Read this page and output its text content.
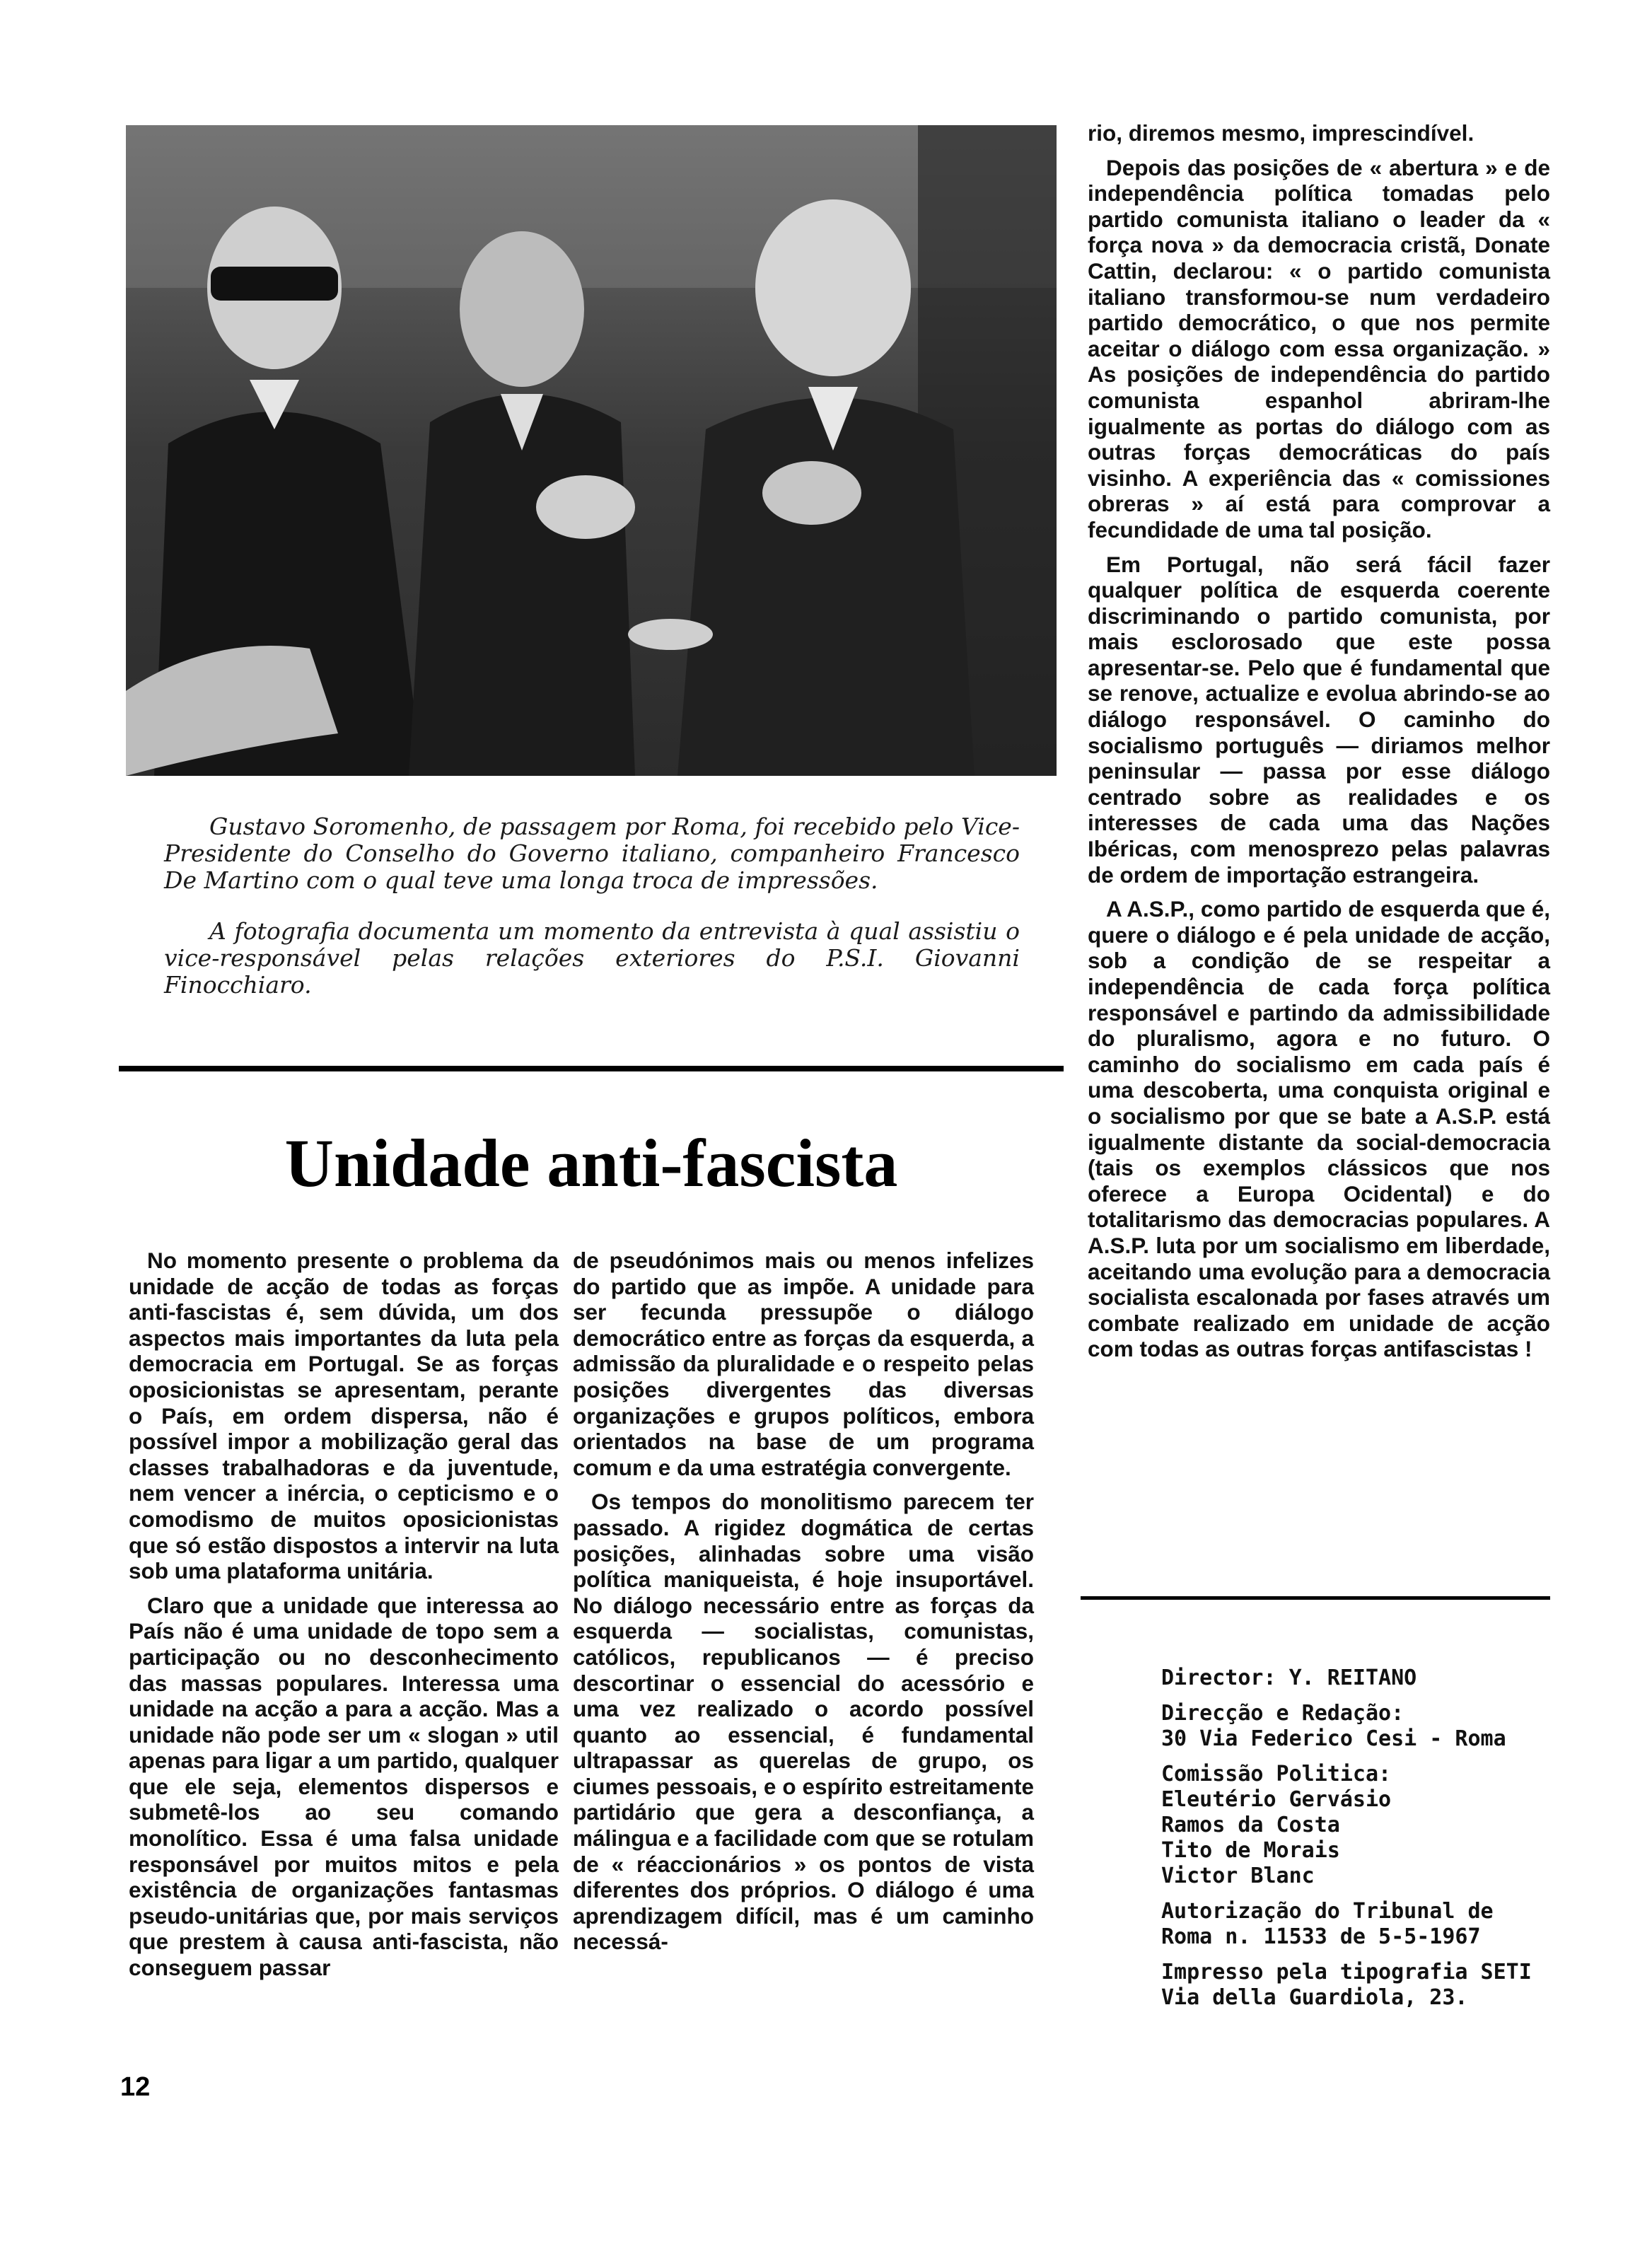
Gustavo Soromenho, de passagem por Roma, foi recebido pelo Vice-Presidente do Conselho do Governo italiano, companheiro Francesco De Martino com o qual teve uma longa troca de impressões.

A fotografia documenta um momento da entrevista à qual assistiu o vice-responsável pelas relações exteriores do P.S.I. Giovanni Finocchiaro.

Unidade anti-fascista

No momento presente o problema da unidade de acção de todas as forças anti-fascistas é, sem dúvida, um dos aspectos mais importantes da luta pela democracia em Portugal. Se as forças oposicionistas se apresentam, perante o País, em ordem dispersa, não é possível impor a mobilização geral das classes trabalhadoras e da juventude, nem vencer a inércia, o cepticismo e o comodismo de muitos oposicionistas que só estão dispostos a intervir na luta sob uma plataforma unitária.

Claro que a unidade que interessa ao País não é uma unidade de topo sem a participação ou no desconhecimento das massas populares. Interessa uma unidade na acção a para a acção. Mas a unidade não pode ser um « slogan » util apenas para ligar a um partido, qualquer que ele seja, elementos dispersos e submetê-los ao seu comando monolítico. Essa é uma falsa unidade responsável por muitos mitos e pela existência de organizações fantasmas pseudo-unitárias que, por mais serviços que prestem à causa anti-fascista, não conseguem passar

de pseudónimos mais ou menos infelizes do partido que as impõe. A unidade para ser fecunda pressupõe o diálogo democrático entre as forças da esquerda, a admissão da pluralidade e o respeito pelas posições divergentes das diversas organizações e grupos políticos, embora orientados na base de um programa comum e da uma estratégia convergente.

Os tempos do monolitismo parecem ter passado. A rigidez dogmática de certas posições, alinhadas sobre uma visão política maniqueista, é hoje insuportável. No diálogo necessário entre as forças da esquerda — socialistas, comunistas, católicos, republicanos — é preciso descortinar o essencial do acessório e uma vez realizado o acordo possível quanto ao essencial, é fundamental ultrapassar as querelas de grupo, os ciumes pessoais, e o espírito estreitamente partidário que gera a desconfiança, a málingua e a facilidade com que se rotulam de « réaccionários » os pontos de vista diferentes dos próprios. O diálogo é uma aprendizagem difícil, mas é um caminho necessá-

rio, diremos mesmo, imprescindível.

Depois das posições de « abertura » e de independência política tomadas pelo partido comunista italiano o leader da « força nova » da democracia cristã, Donate Cattin, declarou: « o partido comunista italiano transformou-se num verdadeiro partido democrático, o que nos permite aceitar o diálogo com essa organização. » As posições de independência do partido comunista espanhol abriram-lhe igualmente as portas do diálogo com as outras forças democráticas do país visinho. A experiência das « comissiones obreras » aí está para comprovar a fecundidade de uma tal posição.

Em Portugal, não será fácil fazer qualquer política de esquerda coerente discriminando o partido comunista, por mais esclorosado que este possa apresentar-se. Pelo que é fundamental que se renove, actualize e evolua abrindo-se ao diálogo responsável. O caminho do socialismo português — diriamos melhor peninsular — passa por esse diálogo centrado sobre as realidades e os interesses de cada uma das Nações Ibéricas, com menosprezo pelas palavras de ordem de importação estrangeira.

A A.S.P., como partido de esquerda que é, quere o diálogo e é pela unidade de acção, sob a condição de se respeitar a independência de cada força política responsável e partindo da admissibilidade do pluralismo, agora e no futuro. O caminho do socialismo em cada país é uma descoberta, uma conquista original e o socialismo por que se bate a A.S.P. está igualmente distante da social-democracia (tais os exemplos clássicos que nos oferece a Europa Ocidental) e do totalitarismo das democracias populares. A A.S.P. luta por um socialismo em liberdade, aceitando uma evolução para a democracia socialista escalonada por fases através um combate realizado em unidade de acção com todas as outras forças antifascistas !

Director: Y. REITANO
Direcção e Redação:
30 Via Federico Cesi - Roma
Comissão Politica:
Eleutério Gervásio
Ramos da Costa
Tito de Morais
Victor Blanc
Autorização do Tribunal de
Roma n. 11533 de 5-5-1967
Impresso pela tipografia SETI
Via della Guardiola, 23.
12
